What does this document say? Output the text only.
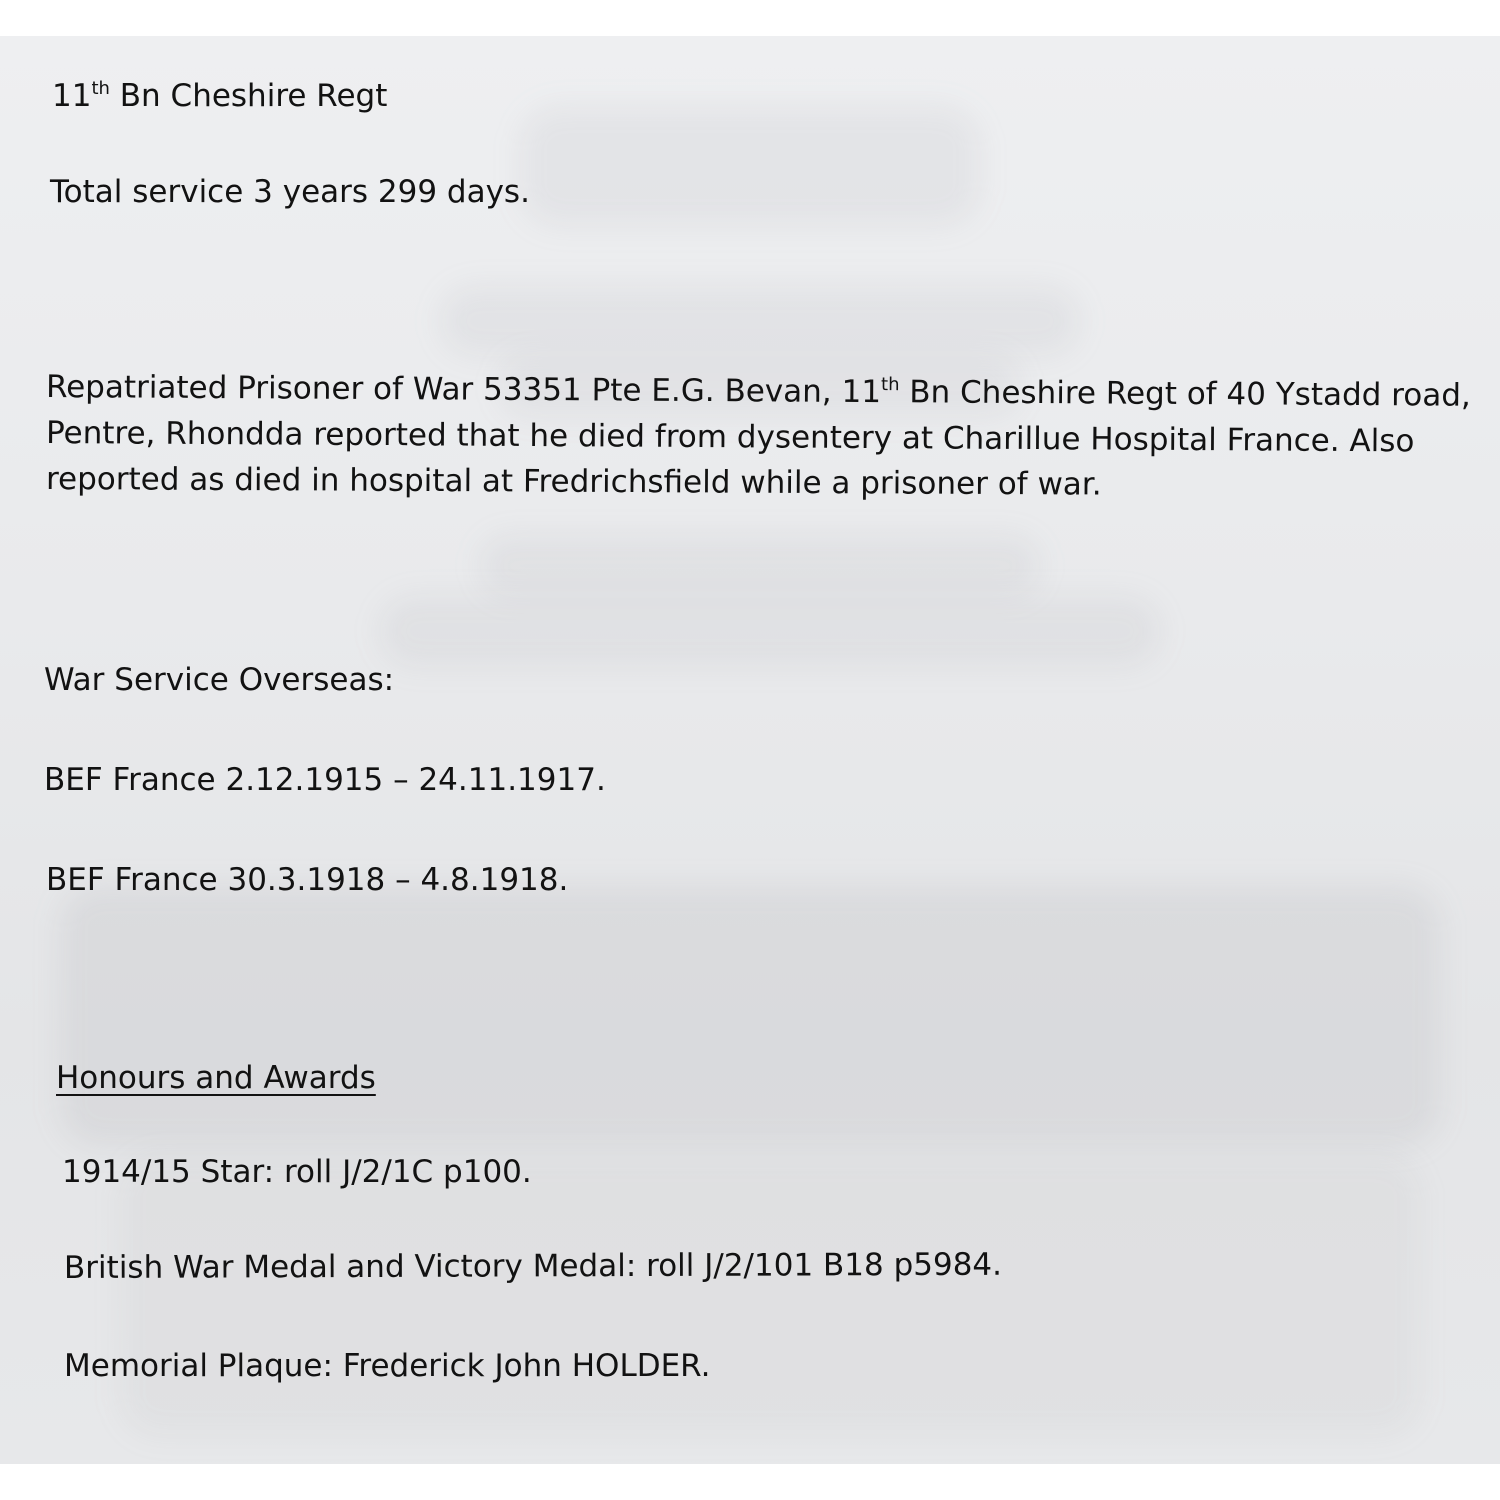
11th Bn Cheshire Regt

Total service 3 years 299 days.

Repatriated Prisoner of War 53351 Pte E.G. Bevan, 11th Bn Cheshire Regt of 40 Ystadd road,
Pentre, Rhondda reported that he died from dysentery at Charillue Hospital France. Also
reported as died in hospital at Fredrichsfield while a prisoner of war.

War Service Overseas:

BEF France 2.12.1915 – 24.11.1917.

BEF France 30.3.1918 – 4.8.1918.

Honours and Awards

1914/15 Star: roll J/2/1C p100.

British War Medal and Victory Medal: roll J/2/101 B18 p5984.

Memorial Plaque: Frederick John HOLDER.
